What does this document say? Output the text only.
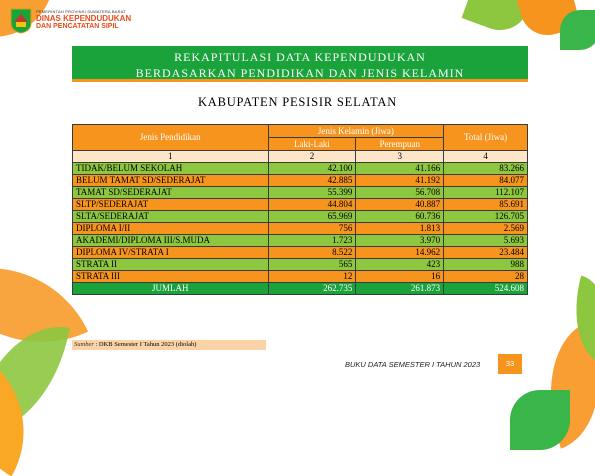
PEMERINTAH PROVINSI SUMATERA BARAT
DINAS KEPENDUDUKAN
DAN PENCATATAN SIPIL
REKAPITULASI DATA KEPENDUDUKAN
BERDASARKAN PENDIDIKAN DAN JENIS KELAMIN
KABUPATEN PESISIR SELATAN
Jenis Pendidikan	Jenis Kelamin (Jiwa)		Total (Jiwa)
	Laki-Laki	Perempuan	
1	2	3	4
TIDAK/BELUM SEKOLAH	42.100	41.166	83.266
BELUM TAMAT SD/SEDERAJAT	42.885	41.192	84.077
TAMAT SD/SEDERAJAT	55.399	56.708	112.107
SLTP/SEDERAJAT	44.804	40.887	85.691
SLTA/SEDERAJAT	65.969	60.736	126.705
DIPLOMA I/II	756	1.813	2.569
AKADEMI/DIPLOMA III/S.MUDA	1.723	3.970	5.693
DIPLOMA IV/STRATA I	8.522	14.962	23.484
STRATA II	565	423	988
STRATA III	12	16	28
JUMLAH	262.735	261.873	524.608
Sumber : DKB Semester I Tahun 2023 (diolah)
BUKU DATA SEMESTER I TAHUN 2023	33
